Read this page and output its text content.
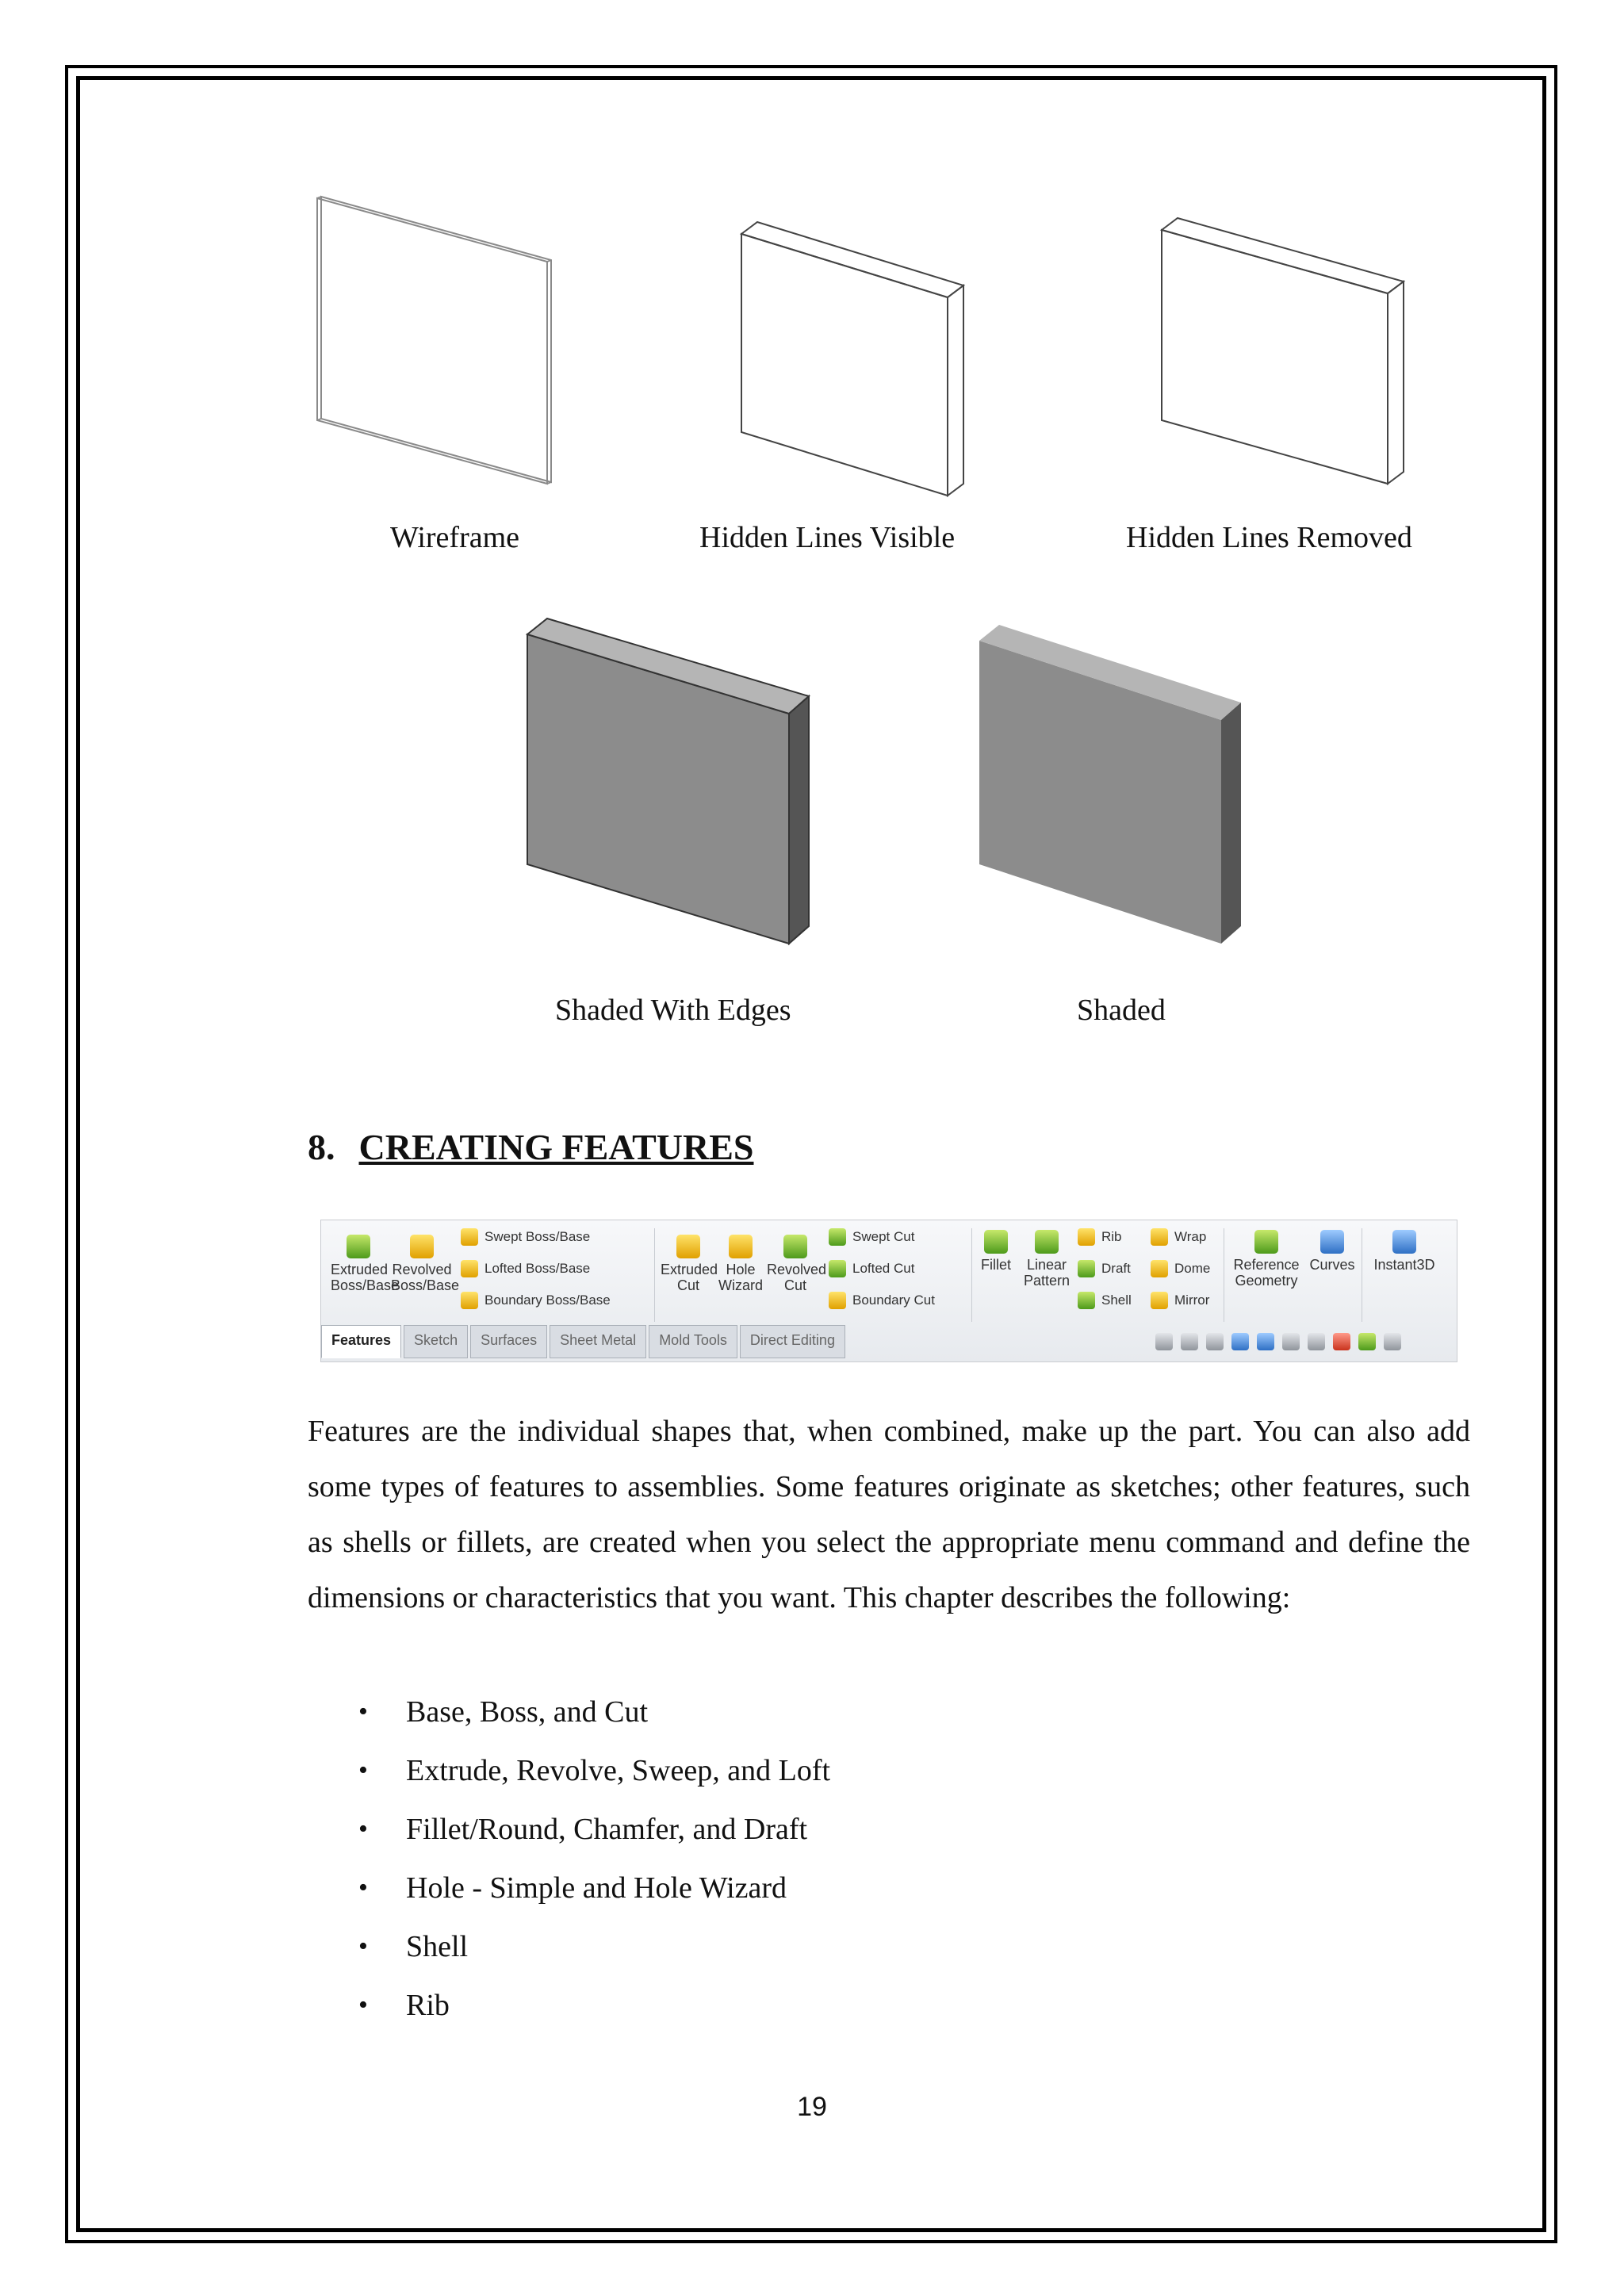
Wireframe	Hidden Lines Visible	Hidden Lines Removed
Shaded With Edges	Shaded
8. CREATING FEATURES
Extruded Boss/Base
Revolved Boss/Base
Swept Boss/Base
Lofted Boss/Base
Boundary Boss/Base
Extruded Cut
Hole Wizard
Revolved Cut
Swept Cut
Lofted Cut
Boundary Cut
Fillet	Linear Pattern
Rib
Draft
Shell
Wrap
Dome
Mirror
Reference Geometry
Curves	Instant3D
Features	Sketch	Surfaces	Sheet Metal	Mold Tools	Direct Editing

Features are the individual shapes that, when combined, make up the part. You can also add some types of features to assemblies. Some features originate as sketches; other features, such as shells or fillets, are created when you select the appropriate menu command and define the dimensions or characteristics that you want. This chapter describes the following:

• Base, Boss, and Cut
• Extrude, Revolve, Sweep, and Loft
• Fillet/Round, Chamfer, and Draft
• Hole - Simple and Hole Wizard
• Shell
• Rib
19
